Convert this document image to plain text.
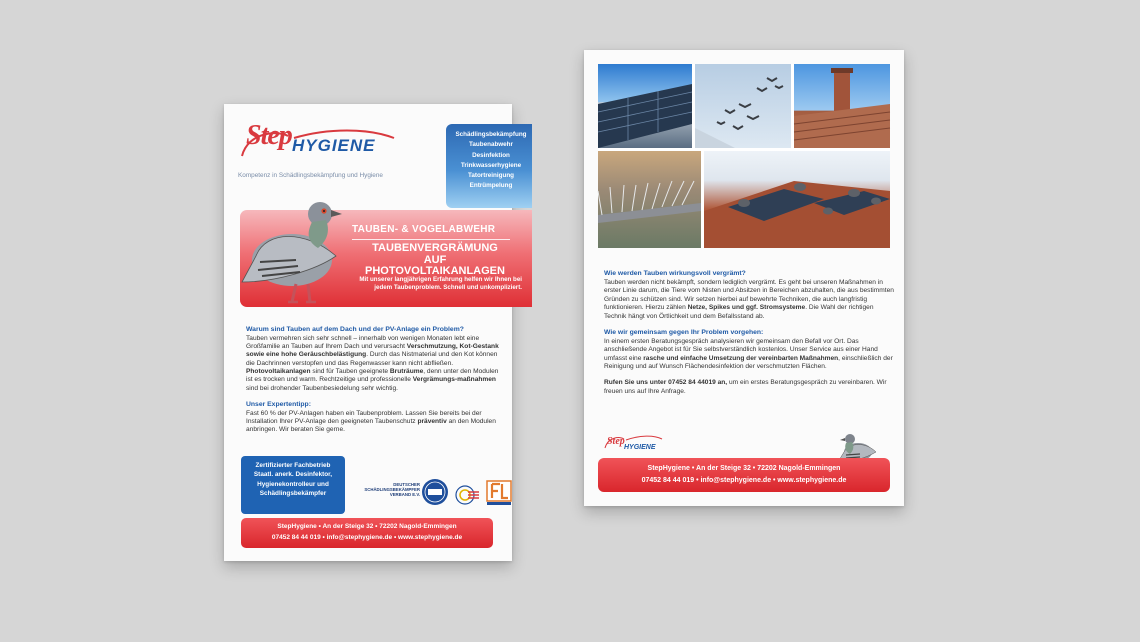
Step HYGIENE
Kompetenz in Schädlingsbekämpfung und Hygiene
Schädlingsbekämpfung
Taubenabwehr
Desinfektion
Trinkwasserhygiene
Tatortreinigung
Entrümpelung
TAUBEN- & VOGELABWEHR
TAUBENVERGRÄMUNG AUF PHOTOVOLTAIKANLAGEN
Mit unserer langjährigen Erfahrung helfen wir Ihnen bei jedem Taubenproblem. Schnell und unkompliziert.
Warum sind Tauben auf dem Dach und der PV-Anlage ein Problem?
Tauben vermehren sich sehr schnell – innerhalb von wenigen Monaten lebt eine Großfamilie an Tauben auf Ihrem Dach und verursacht Verschmutzung, Kot-Gestank sowie eine hohe Geräuschbelästigung. Durch das Nistmaterial und den Kot können die Dachrinnen verstopfen und das Regenwasser kann nicht abfließen. Photovoltaikanlagen sind für Tauben geeignete Bruträume, denn unter den Modulen ist es trocken und warm. Rechtzeitige und professionelle Vergrämungs-maßnahmen sind bei drohender Taubenbesiedelung sehr wichtig.
Unser Expertentipp:
Fast 60 % der PV-Anlagen haben ein Taubenproblem. Lassen Sie bereits bei der Installation Ihrer PV-Anlage den geeigneten Taubenschutz präventiv an den Modulen anbringen. Wir beraten Sie gerne.
Zertifizierter Fachbetrieb
Staatl. anerk. Desinfektor,
Hygienekontrolleur und
Schädlingsbekämpfer
DEUTSCHER
SCHÄDLINGSBEKÄMPFER
VERBAND E.V.
StepHygiene • An der Steige 32 • 72202 Nagold-Emmingen
07452 84 44 019 • info@stephygiene.de • www.stephygiene.de
Wie werden Tauben wirkungsvoll vergrämt?
Tauben werden nicht bekämpft, sondern lediglich vergrämt. Es geht bei unseren Maßnahmen in erster Linie darum, die Tiere vom Nisten und Absitzen in Bereichen abzuhalten, die aus bestimmten Gründen zu schützen sind. Wir setzen hierbei auf bewehrte Techniken, die auch langfristig funktionieren. Hierzu zählen Netze, Spikes und ggf. Stromsysteme. Die Wahl der richtigen Technik hängt von Örtlichkeit und dem Befallsstand ab.
Wie wir gemeinsam gegen Ihr Problem vorgehen:
In einem ersten Beratungsgespräch analysieren wir gemeinsam den Befall vor Ort. Das anschließende Angebot ist für Sie selbstverständlich kostenlos. Unser Service aus einer Hand umfasst eine rasche und einfache Umsetzung der vereinbarten Maßnahmen, einschließlich der Reinigung und auf Wunsch Flächendesinfektion der verschmutzten Flächen.
Rufen Sie uns unter 07452 84 44019 an, um ein erstes Beratungsgespräch zu vereinbaren. Wir freuen uns auf Ihre Anfrage.
Step
HYGIENE
StepHygiene • An der Steige 32 • 72202 Nagold-Emmingen
07452 84 44 019 • info@stephygiene.de • www.stephygiene.de
